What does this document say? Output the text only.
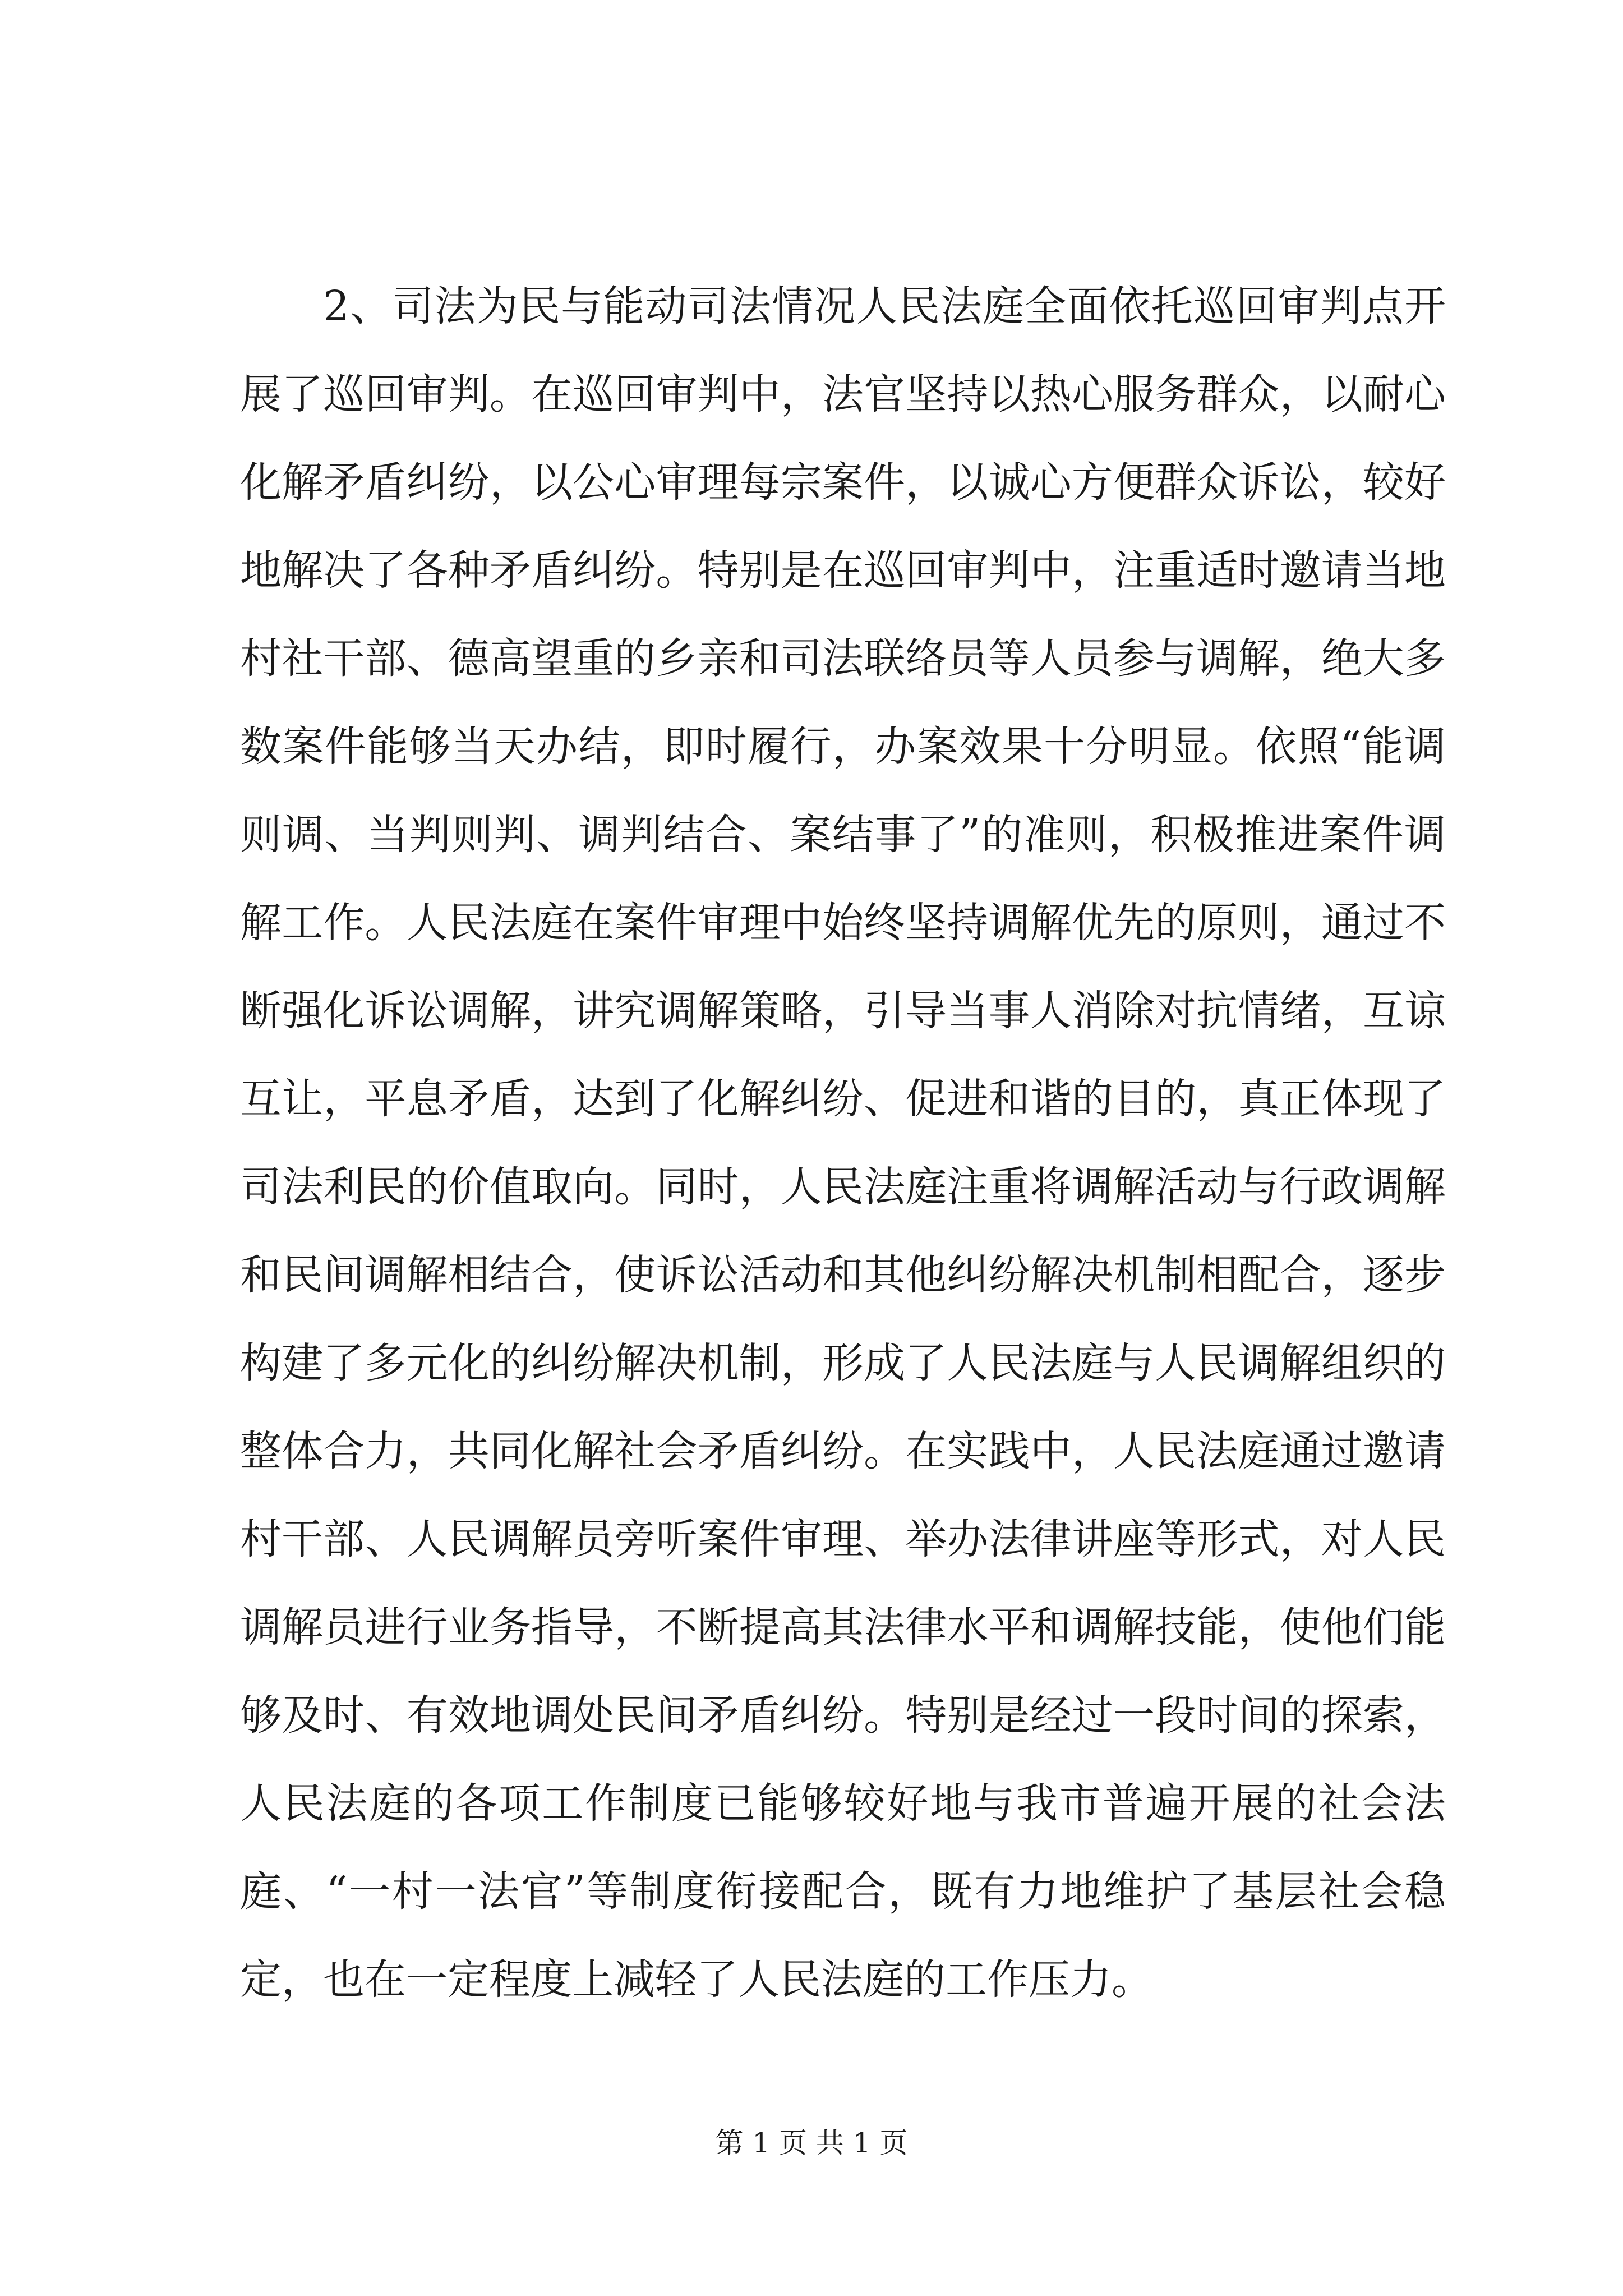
2、司法为民与能动司法情况人民法庭全面依托巡回审判点开展了巡回审判。在巡回审判中，法官坚持以热心服务群众，以耐心化解矛盾纠纷，以公心审理每宗案件，以诚心方便群众诉讼，较好地解决了各种矛盾纠纷。特别是在巡回审判中，注重适时邀请当地村社干部、德高望重的乡亲和司法联络员等人员参与调解，绝大多数案件能够当天办结，即时履行，办案效果十分明显。依照“能调则调、当判则判、调判结合、案结事了”的准则，积极推进案件调解工作。人民法庭在案件审理中始终坚持调解优先的原则，通过不断强化诉讼调解，讲究调解策略，引导当事人消除对抗情绪，互谅互让，平息矛盾，达到了化解纠纷、促进和谐的目的，真正体现了司法利民的价值取向。同时，人民法庭注重将调解活动与行政调解和民间调解相结合，使诉讼活动和其他纠纷解决机制相配合，逐步构建了多元化的纠纷解决机制，形成了人民法庭与人民调解组织的整体合力，共同化解社会矛盾纠纷。在实践中，人民法庭通过邀请村干部、人民调解员旁听案件审理、举办法律讲座等形式，对人民调解员进行业务指导，不断提高其法律水平和调解技能，使他们能够及时、有效地调处民间矛盾纠纷。特别是经过一段时间的探索，人民法庭的各项工作制度已能够较好地与我市普遍开展的社会法庭、“一村一法官”等制度衔接配合，既有力地维护了基层社会稳定，也在一定程度上减轻了人民法庭的工作压力。

第 1 页 共 1 页
